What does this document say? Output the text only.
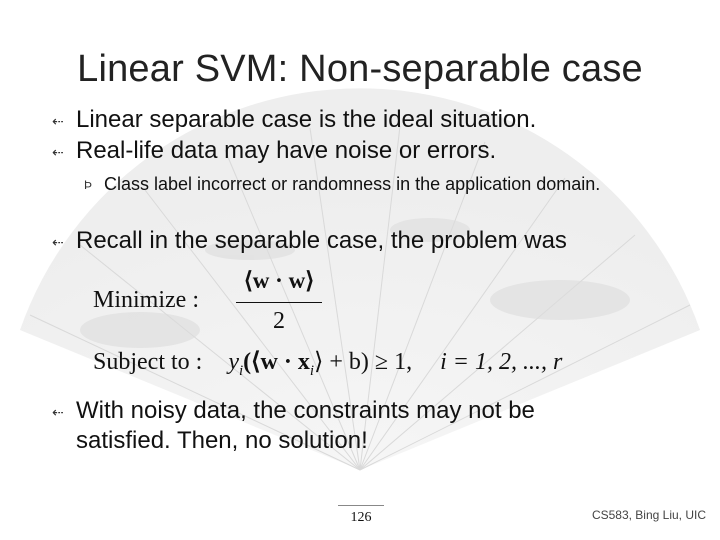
Linear SVM: Non-separable case
⇠ Linear separable case is the ideal situation.
⇠ Real-life data may have noise or errors.
Þ Class label incorrect or randomness in the application domain.
⇠ Recall in the separable case, the problem was
Minimize :
⟨w · w⟩
2
Subject to : $y_i(⟨w$ · $x_i⟩ + b) \ge 1$, i = 1, 2, ..., r
⇠ With noisy data, the constraints may not be satisfied. Then, no solution!
126	CS583, Bing Liu, UIC
